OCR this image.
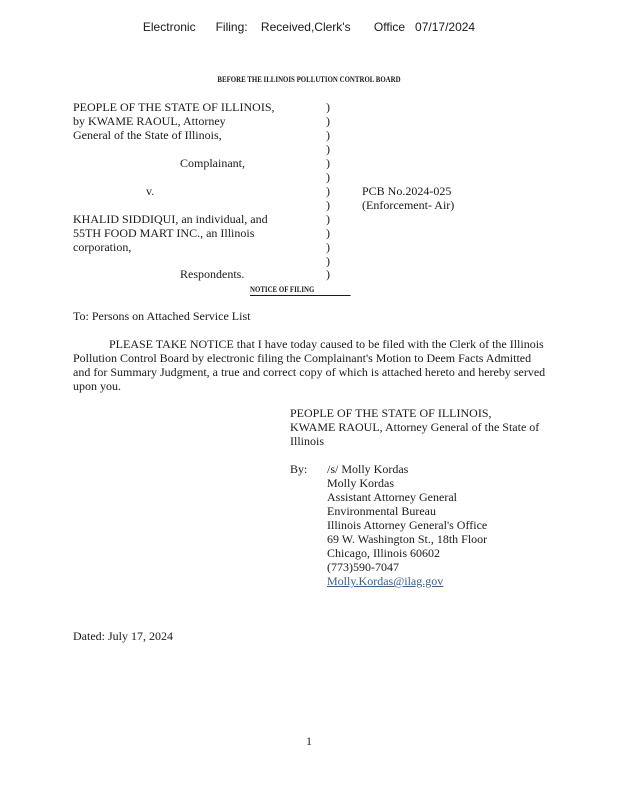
Electronic      Filing:    Received,Clerk's       Office   07/17/2024
BEFORE THE ILLINOIS POLLUTION CONTROL BOARD
PEOPLE OF THE STATE OF ILLINOIS,
by KWAME RAOUL, Attorney
General of the State of Illinois,
Complainant,
v.	PCB No.2024-025
(Enforcement- Air)
KHALID SIDDIQUI, an individual, and
55TH FOOD MART INC., an Illinois
corporation,
Respondents.
)
)
)
)
)
)
)
)
)
)
)
)
)
NOTICE OF FILING
To: Persons on Attached Service List
PLEASE TAKE NOTICE that I have today caused to be filed with the Clerk of the Illinois
Pollution Control Board by electronic filing the Complainant's Motion to Deem Facts Admitted
and for Summary Judgment, a true and correct copy of which is attached hereto and hereby served
upon you.
PEOPLE OF THE STATE OF ILLINOIS,
KWAME RAOUL, Attorney General of the State of
Illinois
By: /s/ Molly Kordas
Molly Kordas
Assistant Attorney General
Environmental Bureau
Illinois Attorney General's Office
69 W. Washington St., 18th Floor
Chicago, Illinois 60602
(773)590-7047
Molly.Kordas@ilag.gov
Dated: July 17, 2024
1
